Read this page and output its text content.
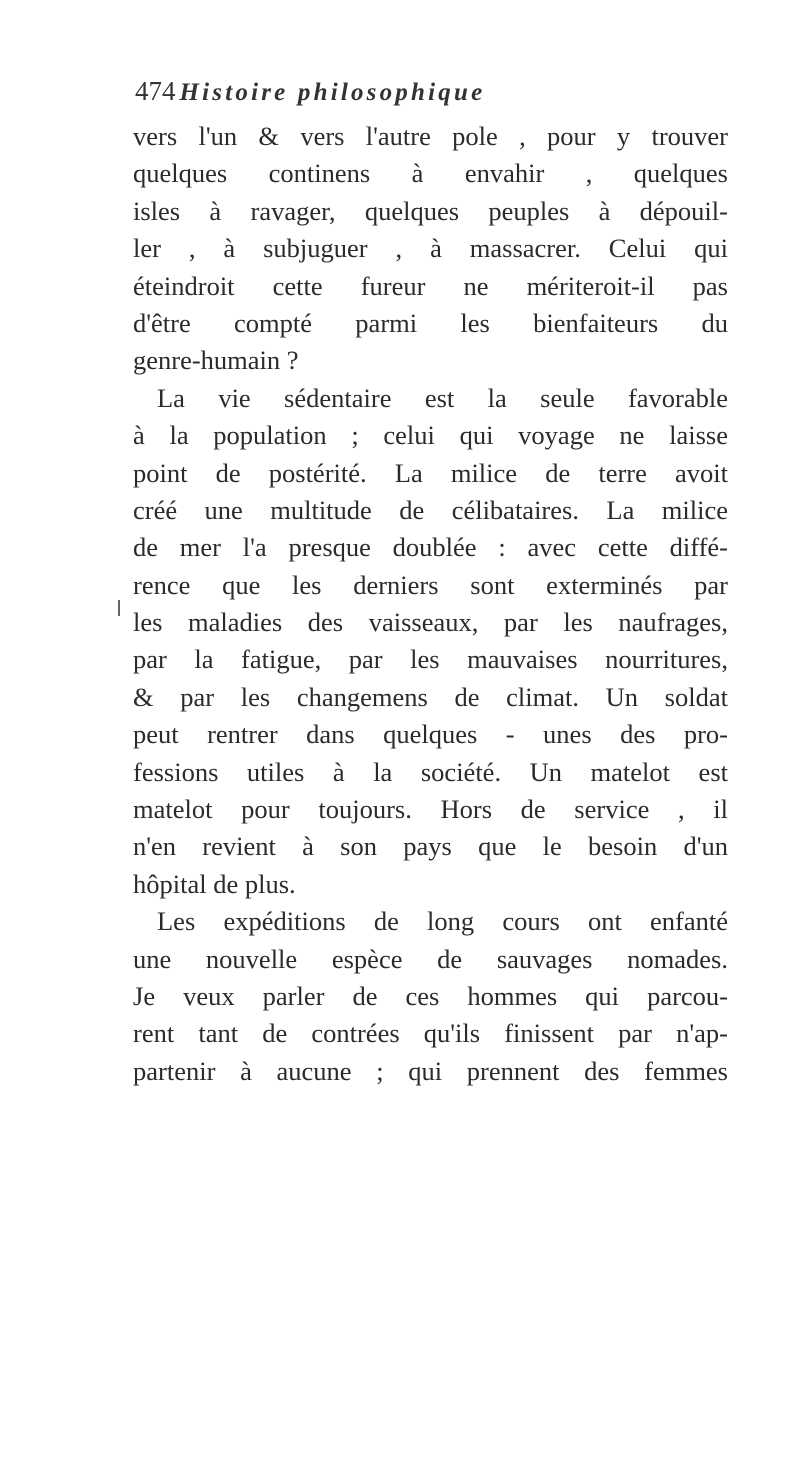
474 Histoire philosophique
vers l'un & vers l'autre pole , pour y trouver
quelques continens à envahir , quelques
isles à ravager, quelques peuples à dépouil-
ler , à subjuguer , à massacrer. Celui qui
éteindroit cette fureur ne mériteroit-il pas
d'être compté parmi les bienfaiteurs du
genre-humain ?
La vie sédentaire est la seule favorable
à la population ; celui qui voyage ne laisse
point de postérité. La milice de terre avoit
créé une multitude de célibataires. La milice
de mer l'a presque doublée : avec cette diffé-
rence que les derniers sont exterminés par
les maladies des vaisseaux, par les naufrages,
par la fatigue, par les mauvaises nourritures,
& par les changemens de climat. Un soldat
peut rentrer dans quelques - unes des pro-
fessions utiles à la société. Un matelot est
matelot pour toujours. Hors de service , il
n'en revient à son pays que le besoin d'un
hôpital de plus.
Les expéditions de long cours ont enfanté
une nouvelle espèce de sauvages nomades.
Je veux parler de ces hommes qui parcou-
rent tant de contrées qu'ils finissent par n'ap-
partenir à aucune ; qui prennent des femmes
